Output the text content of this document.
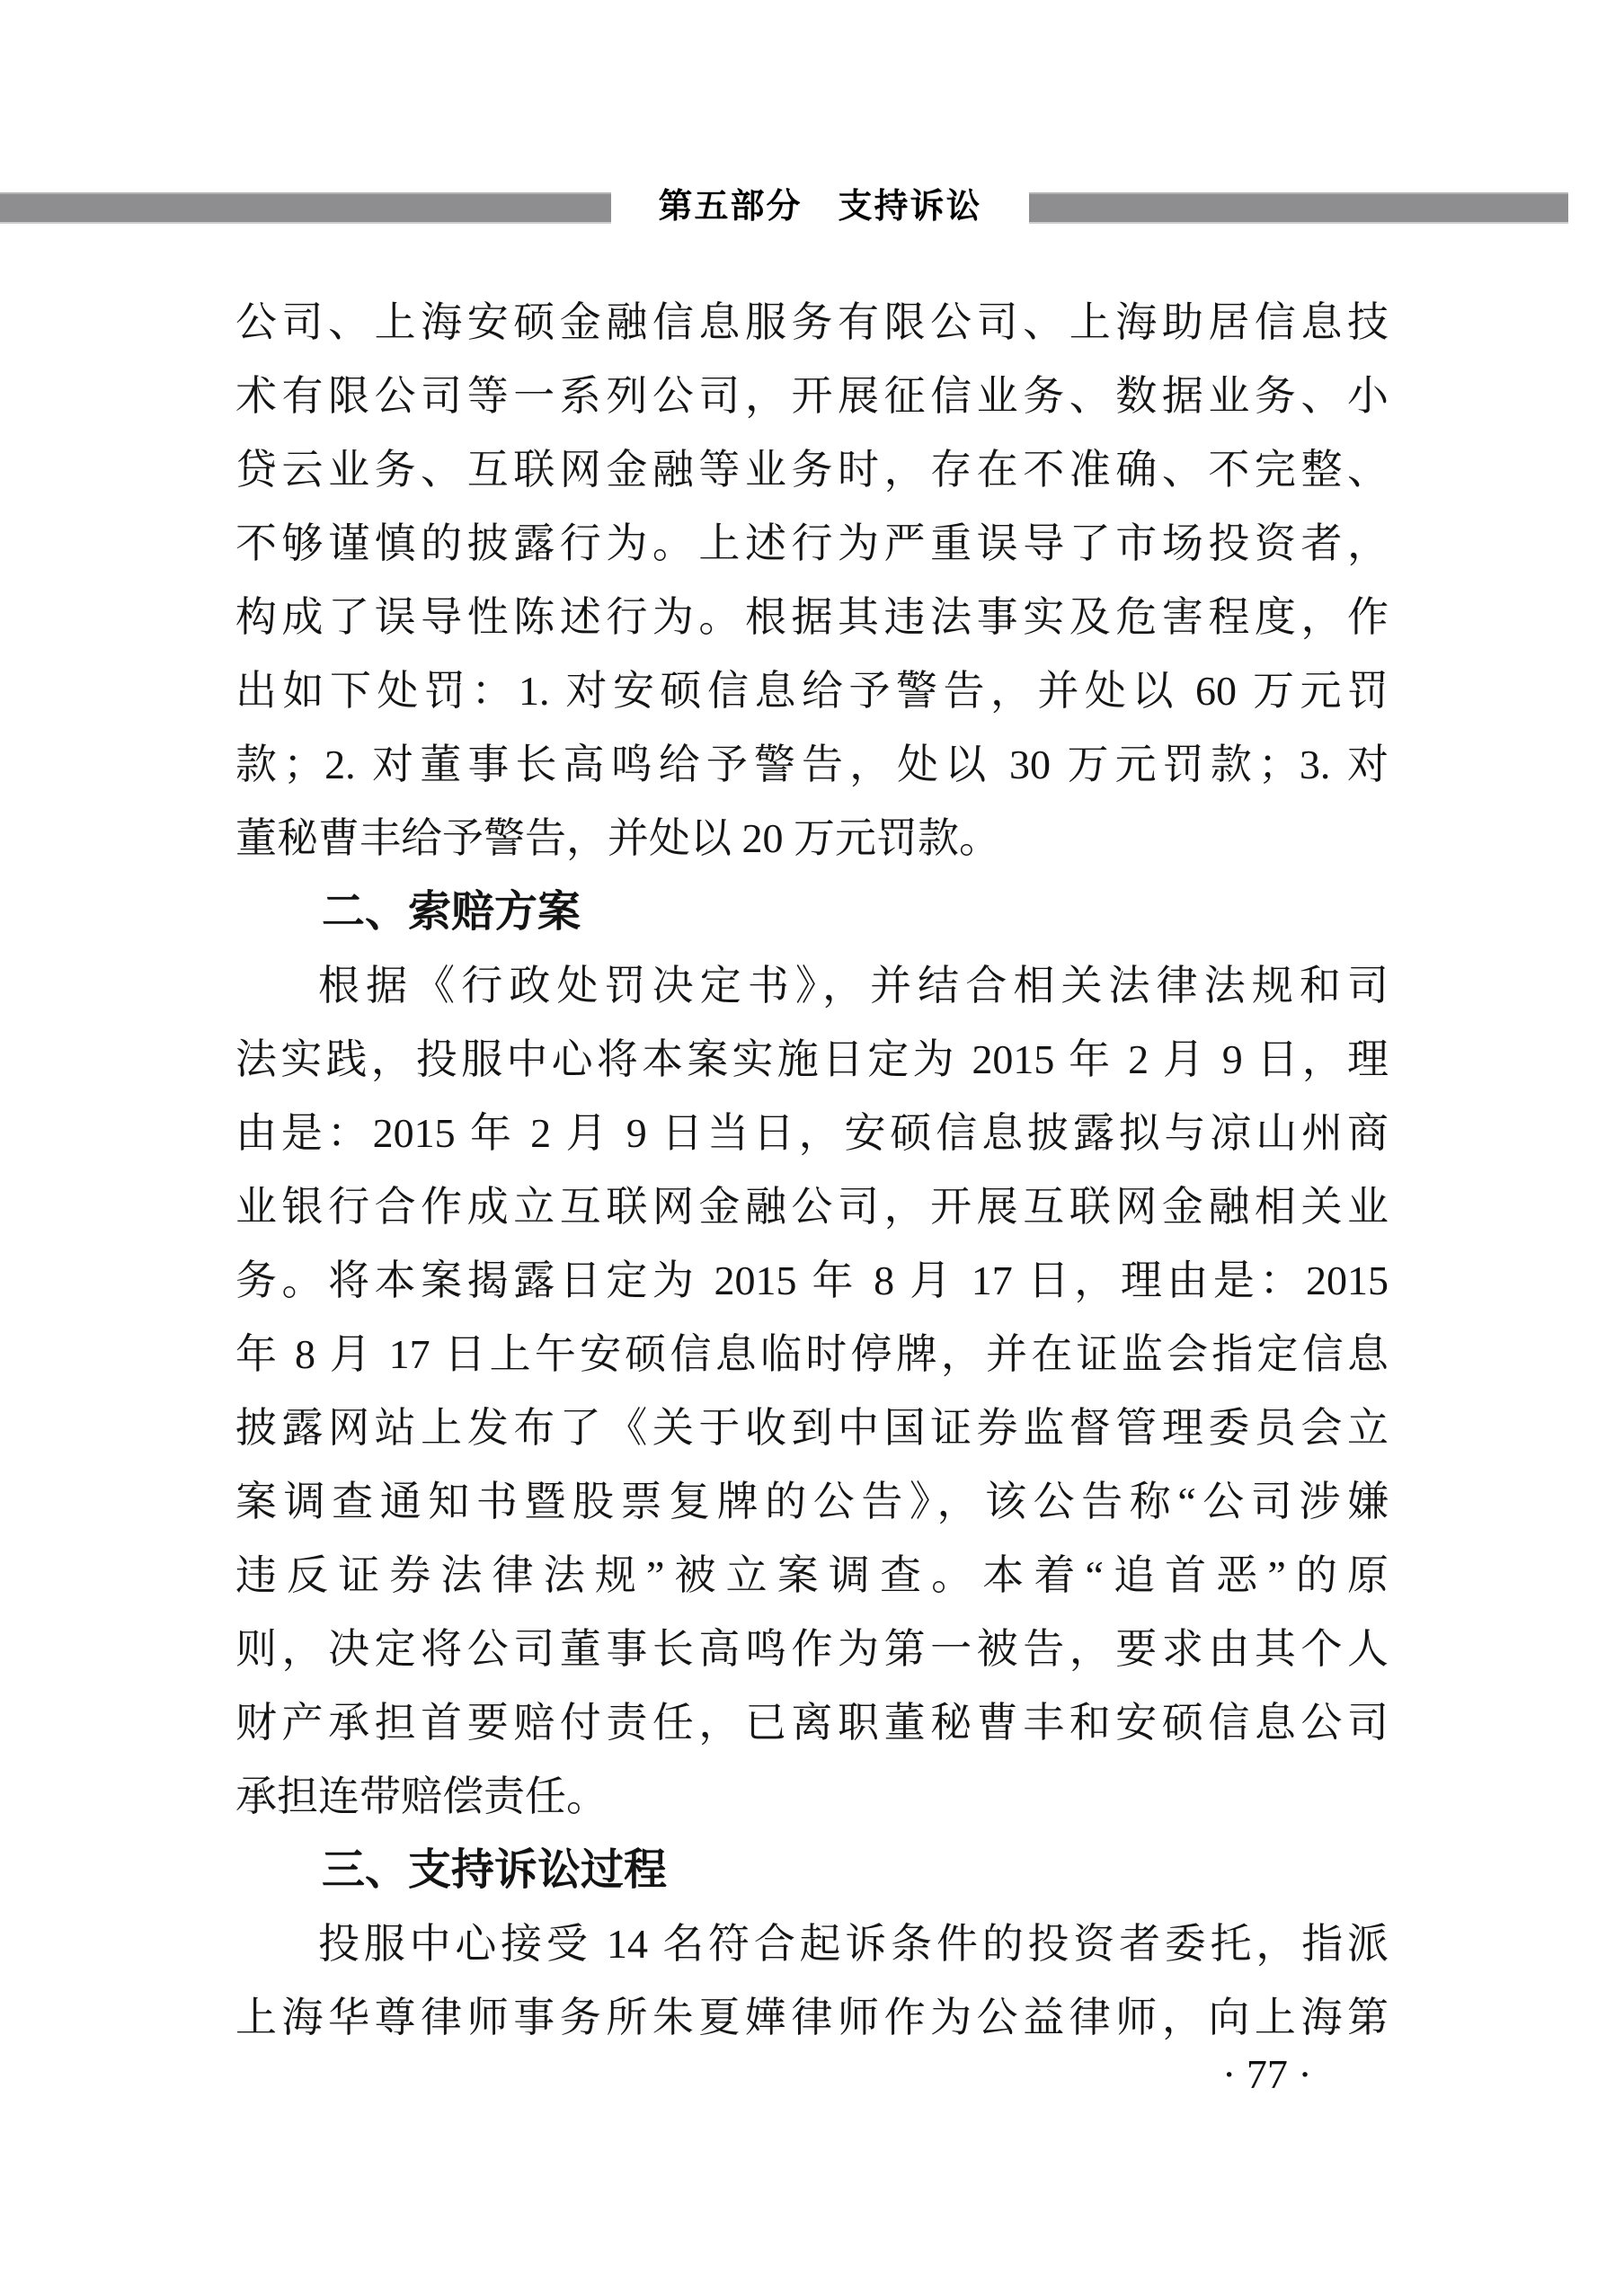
第五部分　支持诉讼
公司、上海安硕金融信息服务有限公司、上海助居信息技
术有限公司等一系列公司，开展征信业务、数据业务、小
贷云业务、互联网金融等业务时，存在不准确、不完整、
不够谨慎的披露行为。上述行为严重误导了市场投资者，
构成了误导性陈述行为。根据其违法事实及危害程度，作
出如下处罚：1. 对安硕信息给予警告，并处以 60 万元罚
款；2. 对董事长高鸣给予警告，处以 30 万元罚款；3. 对
董秘曹丰给予警告，并处以 20 万元罚款。
二、索赔方案
根据《行政处罚决定书》，并结合相关法律法规和司
法实践，投服中心将本案实施日定为 2015 年 2 月 9 日，理
由是：2015 年 2 月 9 日当日，安硕信息披露拟与凉山州商
业银行合作成立互联网金融公司，开展互联网金融相关业
务。将本案揭露日定为 2015 年 8 月 17 日，理由是：2015
年 8 月 17 日上午安硕信息临时停牌，并在证监会指定信息
披露网站上发布了《关于收到中国证券监督管理委员会立
案调查通知书暨股票复牌的公告》，该公告称“公司涉嫌
违反证券法律法规”被立案调查。本着“追首恶”的原
则，决定将公司董事长高鸣作为第一被告，要求由其个人
财产承担首要赔付责任，已离职董秘曹丰和安硕信息公司
承担连带赔偿责任。
三、支持诉讼过程
投服中心接受 14 名符合起诉条件的投资者委托，指派
上海华尊律师事务所朱夏嬅律师作为公益律师，向上海第
· 77 ·
